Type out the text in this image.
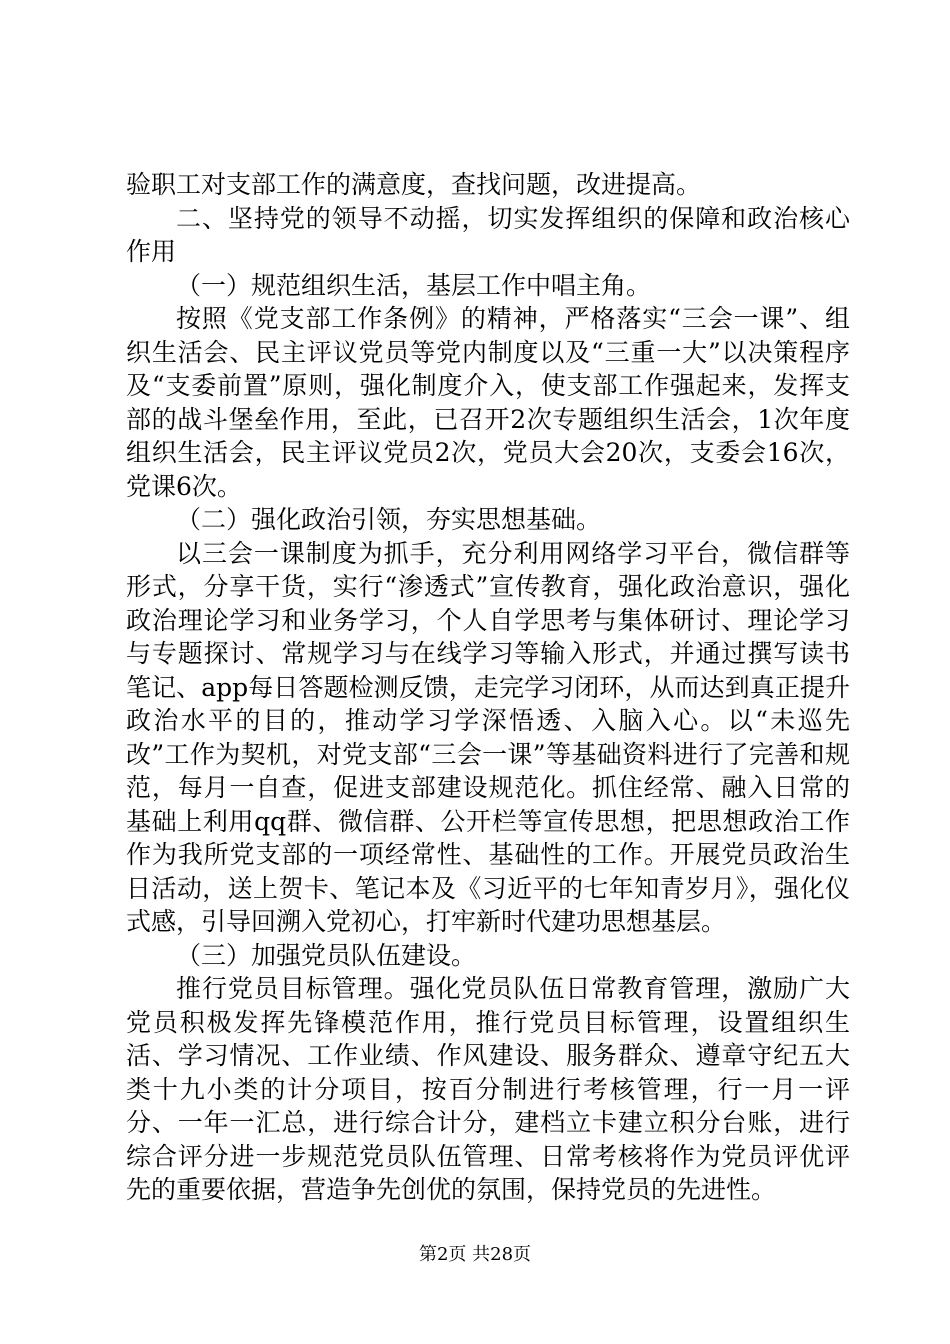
验职工对支部工作的满意度，查找问题，改进提高。

二、坚持党的领导不动摇，切实发挥组织的保障和政治核心作用

（一）规范组织生活，基层工作中唱主角。

按照《党支部工作条例》的精神，严格落实“三会一课”、组织生活会、民主评议党员等党内制度以及“三重一大”以决策程序及“支委前置”原则，强化制度介入，使支部工作强起来，发挥支部的战斗堡垒作用，至此，已召开2次专题组织生活会，1次年度组织生活会，民主评议党员2次，党员大会20次，支委会16次，党课6次。

（二）强化政治引领，夯实思想基础。

以三会一课制度为抓手，充分利用网络学习平台，微信群等形式，分享干货，实行“渗透式”宣传教育，强化政治意识，强化政治理论学习和业务学习，个人自学思考与集体研讨、理论学习与专题探讨、常规学习与在线学习等输入形式，并通过撰写读书笔记、app每日答题检测反馈，走完学习闭环，从而达到真正提升政治水平的目的，推动学习学深悟透、入脑入心。以“未巡先改”工作为契机，对党支部“三会一课”等基础资料进行了完善和规范，每月一自查，促进支部建设规范化。抓住经常、融入日常的基础上利用qq群、微信群、公开栏等宣传思想，把思想政治工作作为我所党支部的一项经常性、基础性的工作。开展党员政治生日活动，送上贺卡、笔记本及《习近平的七年知青岁月》，强化仪式感，引导回溯入党初心，打牢新时代建功思想基层。

（三）加强党员队伍建设。

推行党员目标管理。强化党员队伍日常教育管理，激励广大党员积极发挥先锋模范作用，推行党员目标管理，设置组织生活、学习情况、工作业绩、作风建设、服务群众、遵章守纪五大类十九小类的计分项目，按百分制进行考核管理，行一月一评分、一年一汇总，进行综合计分，建档立卡建立积分台账，进行综合评分进一步规范党员队伍管理、日常考核将作为党员评优评先的重要依据，营造争先创优的氛围，保持党员的先进性。

第2页 共28页
